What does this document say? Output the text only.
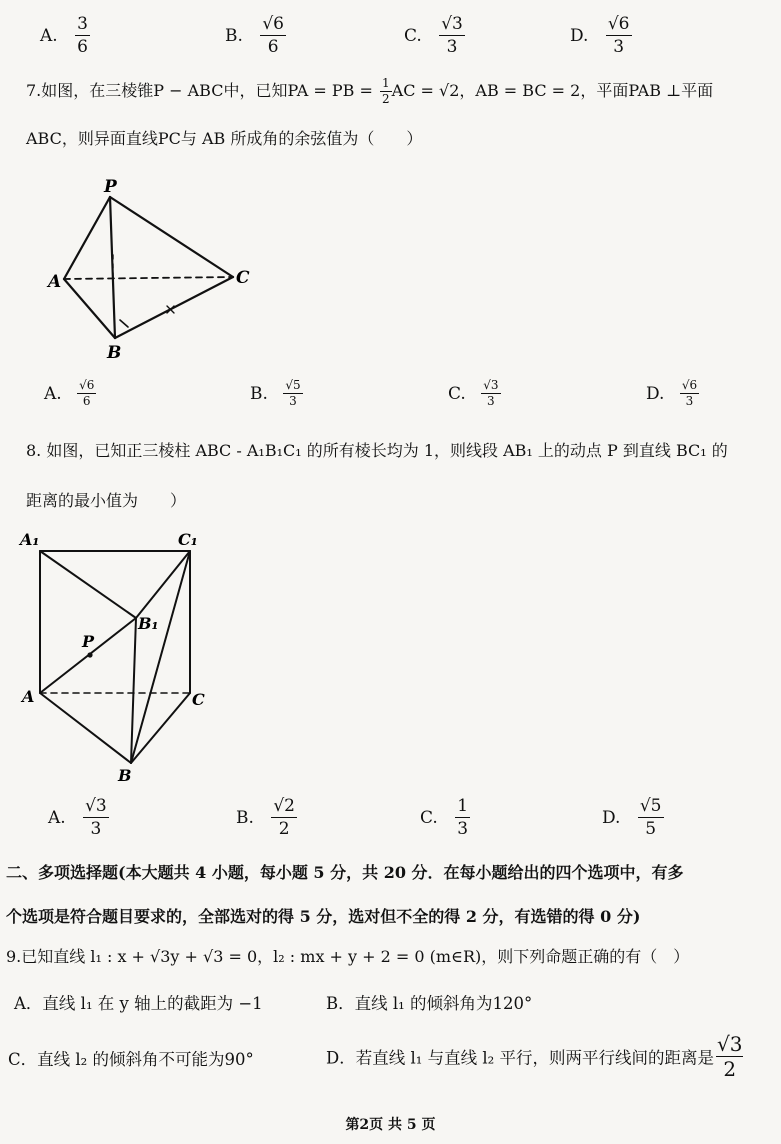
A. $\frac{3}{6}$	B. $\frac{√6}{6}$	C. $\frac{√3}{3}$	D. $\frac{√6}{3}$
7.如图，在三棱锥P − ABC中，已知PA = PB = $\frac{1}{2}$ AC = √2，AB = BC = 2，平面PAB ⊥平面
ABC，则异面直线PC与 AB 所成角的余弦值为（　　）
P
A
B
C
A. $\frac{√6}{6}$	B. $\frac{√5}{3}$	C. $\frac{√3}{3}$	D. $\frac{√6}{3}$
8. 如图，已知正三棱柱 ABC - A₁B₁C₁ 的所有棱长均为 1，则线段 AB₁ 上的动点 P 到直线 BC₁ 的
距离的最小值为　　）
A₁	C₁
B₁
P
A	C
B
A. $\frac{√3}{3}$	B. $\frac{√2}{2}$	C. $\frac{1}{3}$	D. $\frac{√5}{5}$
二、多项选择题(本大题共 4 小题，每小题 5 分，共 20 分．在每小题给出的四个选项中，有多
个选项是符合题目要求的，全部选对的得 5 分，选对但不全的得 2 分，有选错的得 0 分)
9.已知直线 l₁ : x + √3y + √3 = 0，l₂ : mx + y + 2 = 0 (m∈R)，则下列命题正确的有（　）
A．直线 l₁ 在 y 轴上的截距为 −1	B．直线 l₁ 的倾斜角为120°
C．直线 l₂ 的倾斜角不可能为90°	D．若直线 l₁ 与直线 l₂ 平行，则两平行线间的距离是 $\frac{√3}{2}$
第2页 共 5 页
